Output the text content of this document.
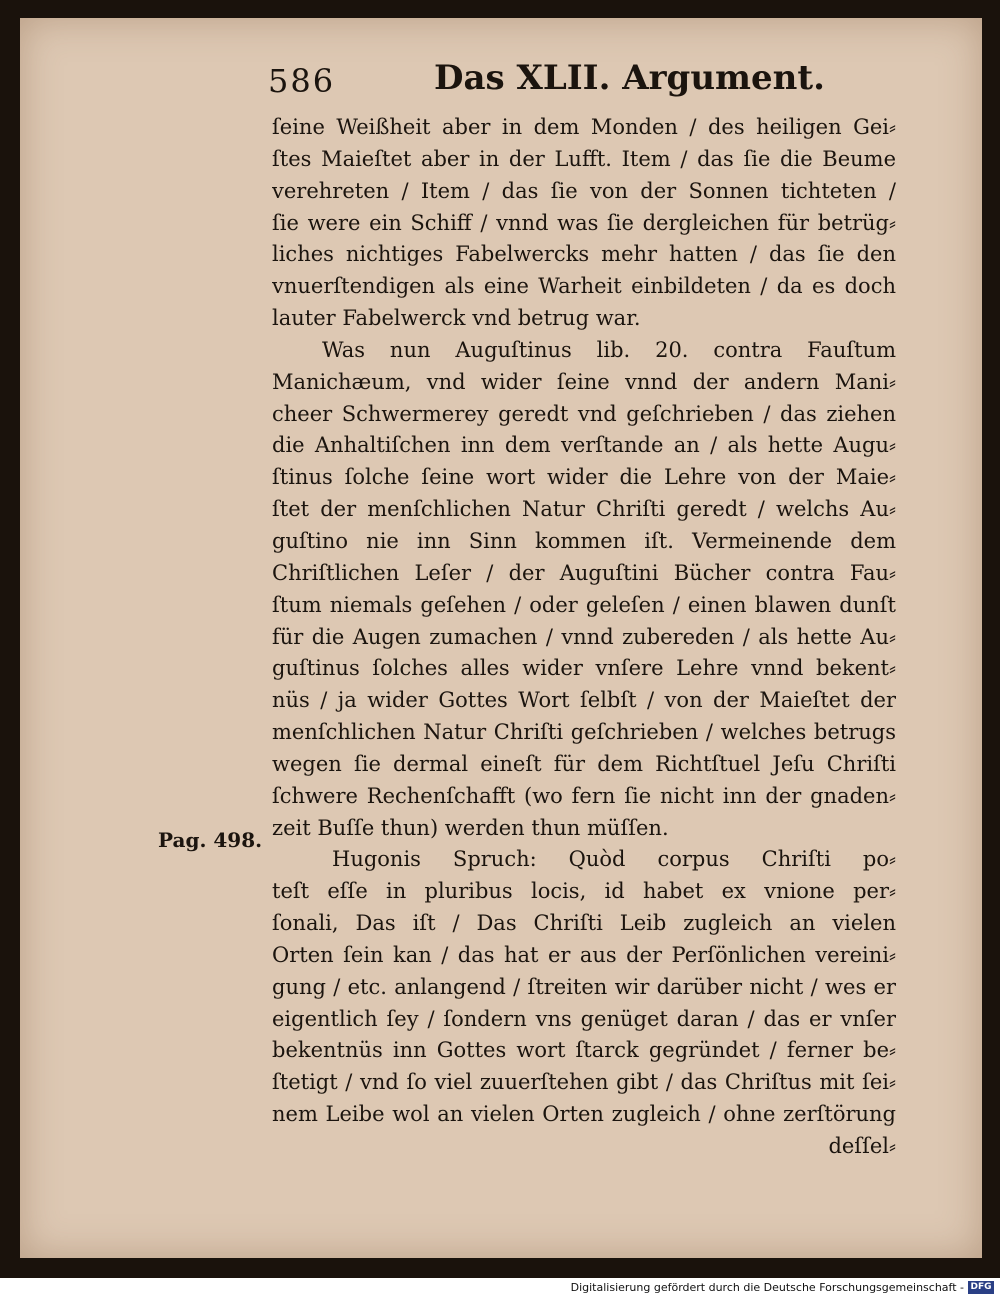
586	Das XLII. Argument.
Pag. 498.
ſeine Weißheit aber in dem Monden / des heiligen Gei⸗
ſtes Maieſtet aber in der Lufft. Item / das ſie die Beume
verehreten / Item / das ſie von der Sonnen tichteten /
ſie were ein Schiff / vnnd was ſie dergleichen für betrüg⸗
liches nichtiges Fabelwercks mehr hatten / das ſie den
vnuerſtendigen als eine Warheit einbildeten / da es doch
lauter Fabelwerck vnd betrug war.
Was nun Auguſtinus lib. 20. contra Fauſtum
Manichæum, vnd wider ſeine vnnd der andern Mani⸗
cheer Schwermerey geredt vnd geſchrieben / das ziehen
die Anhaltiſchen inn dem verſtande an / als hette Augu⸗
ſtinus ſolche ſeine wort wider die Lehre von der Maie⸗
ſtet der menſchlichen Natur Chriſti geredt / welchs Au⸗
guſtino nie inn Sinn kommen iſt. Vermeinende dem
Chriſtlichen Leſer / der Auguſtini Bücher contra Fau⸗
ſtum niemals geſehen / oder geleſen / einen blawen dunſt
für die Augen zumachen / vnnd zubereden / als hette Au⸗
guſtinus ſolches alles wider vnſere Lehre vnnd bekent⸗
nüs / ja wider Gottes Wort ſelbſt / von der Maieſtet der
menſchlichen Natur Chriſti geſchrieben / welches betrugs
wegen ſie dermal eineſt für dem Richtſtuel Jeſu Chriſti
ſchwere Rechenſchafft (wo fern ſie nicht inn der gnaden⸗
zeit Buſſe thun) werden thun müſſen.
Hugonis Spruch: Quòd corpus Chriſti po⸗
teſt eſſe in pluribus locis, id habet ex vnione per⸗
ſonali, Das iſt / Das Chriſti Leib zugleich an vielen
Orten ſein kan / das hat er aus der Perſönlichen vereini⸗
gung / etc. anlangend / ſtreiten wir darüber nicht / wes er
eigentlich ſey / ſondern vns genüget daran / das er vnſer
bekentnüs inn Gottes wort ſtarck gegründet / ferner be⸗
ſtetigt / vnd ſo viel zuuerſtehen gibt / das Chriſtus mit ſei⸗
nem Leibe wol an vielen Orten zugleich / ohne zerſtörung
deſſel⸗
Digitalisierung gefördert durch die Deutsche Forschungsgemeinschaft - DFG
